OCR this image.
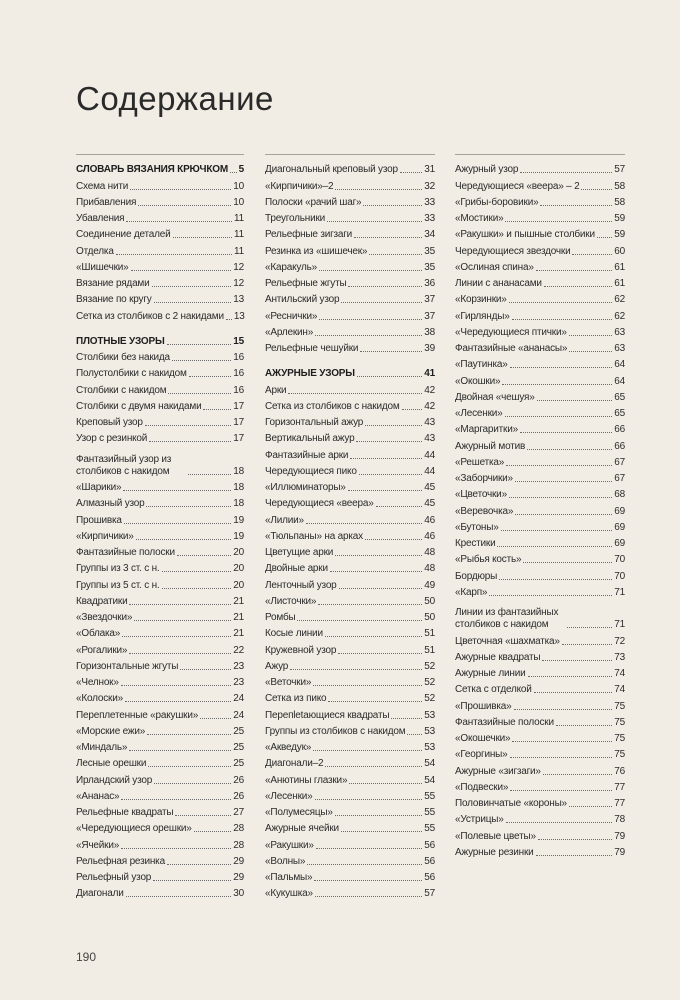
Содержание
СЛОВАРЬ ВЯЗАНИЯ КРЮЧКОМ 5
Схема нити	10
Прибавления	10
Убавления	11
Соединение деталей	11
Отделка	11
«Шишечки»	12
Вязание рядами	12
Вязание по кругу	13
Сетка из столбиков с 2 накидами 13
ПЛОТНЫЕ УЗОРЫ	15
Столбики без накида	16
Полустолбики с накидом	16
Столбики с накидом	16
Столбики с двумя накидами	17
Креповый узор	17
Узор с резинкой	17
Фантазийный узор из столбиков с накидом	18
«Шарики»	18
Алмазный узор	18
Прошивка	19
«Кирпичики»	19
Фантазийные полоски	20
Группы из 3 ст. с н.	20
Группы из 5 ст. с н.	20
Квадратики	21
«Звездочки»	21
«Облака»	21
«Рогалики»	22
Горизонтальные жгуты	23
«Челнок»	23
«Колоски»	24
Переплетенные «ракушки»	24
«Морские ежи»	25
«Миндаль»	25
Лесные орешки	25
Ирландский узор	26
«Ананас»	26
Рельефные квадраты	27
«Чередующиеся орешки»	28
«Ячейки»	28
Рельефная резинка	29
Рельефный узор	29
Диагонали	30
Диагональный креповый узор	31
«Кирпичики»–2	32
Полоски «рачий шаг»	33
Треугольники	33
Рельефные зигзаги	34
Резинка из «шишечек»	35
«Каракуль»	35
Рельефные жгуты	36
Антильский узор	37
«Реснички»	37
«Арлекин»	38
Рельефные чешуйки	39
АЖУРНЫЕ УЗОРЫ	41
Арки	42
Сетка из столбиков с накидом 42
Горизонтальный ажур	43
Вертикальный ажур	43
Фантазийные арки	44
Чередующиеся пико	44
«Иллюминаторы»	45
Чередующиеся «веера»	45
«Лилии»	46
«Тюльпаны» на арках	46
Цветущие арки	48
Двойные арки	48
Ленточный узор	49
«Листочки»	50
Ромбы	50
Косые линии	51
Кружевной узор	51
Ажур	52
«Веточки»	52
Сетка из пико	52
Перепletающиеся квадраты	53
Группы из столбиков с накидом 53
«Акведук»	53
Диагонали–2	54
«Анютины глазки»	54
«Лесенки»	55
«Полумесяцы»	55
Ажурные ячейки	55
«Ракушки»	56
«Волны»	56
«Пальмы»	56
«Кукушка»	57
Ажурный узор	57
Чередующиеся «веера» – 2	58
«Грибы-боровики»	58
«Мостики»	59
«Ракушки» и пышные столбики 59
Чередующиеся звездочки	60
«Ослиная спина»	61
Линии с ананасами	61
«Корзинки»	62
«Гирлянды»	62
«Чередующиеся птички»	63
Фантазийные «ананасы»	63
«Паутинка»	64
«Окошки»	64
Двойная «чешуя»	65
«Лесенки»	65
«Маргаритки»	66
Ажурный мотив	66
«Решетка»	67
«Заборчики»	67
«Цветочки»	68
«Веревочка»	69
«Бутоны»	69
Крестики	69
«Рыбья кость»	70
Бордюры	70
«Карп»	71
Линии из фантазийных столбиков с накидом	71
Цветочная «шахматка»	72
Ажурные квадраты	73
Ажурные линии	74
Сетка с отделкой	74
«Прошивка»	75
Фантазийные полоски	75
«Окошечки»	75
«Георгины»	75
Ажурные «зигзаги»	76
«Подвески»	77
Половинчатые «короны»	77
«Устрицы»	78
«Полевые цветы»	79
Ажурные резинки	79
190
